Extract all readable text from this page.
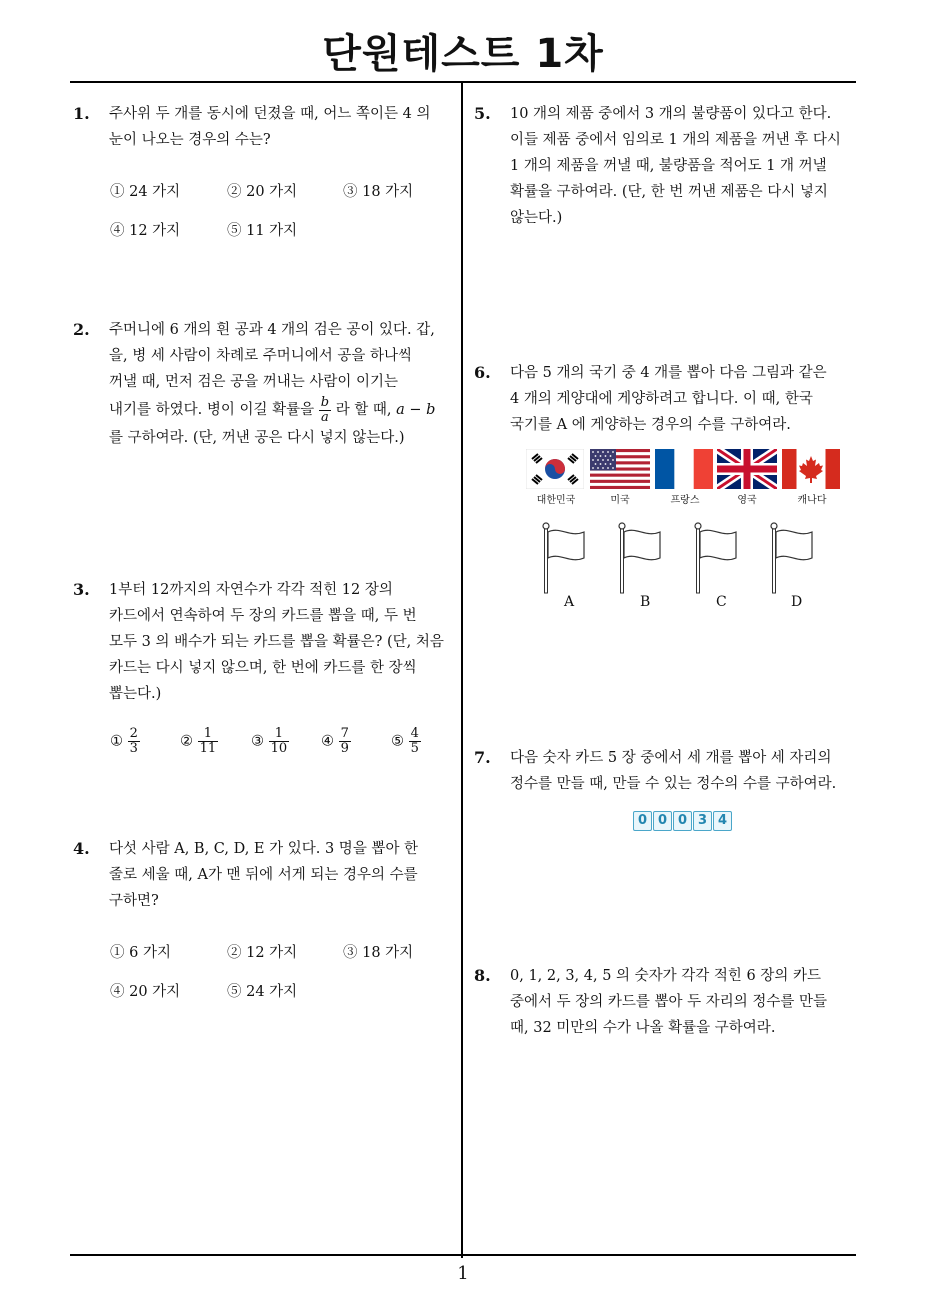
단원테스트 1차
1
1. 주사위 두 개를 동시에 던졌을 때, 어느 쪽이든 4 의

눈이 나오는 경우의 수는?

① 24 가지	② 20 가지	③ 18 가지
④ 12 가지	⑤ 11 가지
2. 주머니에 6 개의 흰 공과 4 개의 검은 공이 있다. 갑,

을, 병 세 사람이 차례로 주머니에서 공을 하나씩

꺼낼 때, 먼저 검은 공을 꺼내는 사람이 이기는

내기를 하였다. 병이 이길 확률을 $\frac{b}{a}$ 라 할 때, a − b

를 구하여라. (단, 꺼낸 공은 다시 넣지 않는다.)

3. 1부터 12까지의 자연수가 각각 적힌 12 장의

카드에서 연속하여 두 장의 카드를 뽑을 때, 두 번

모두 3 의 배수가 되는 카드를 뽑을 확률은? (단, 처음

카드는 다시 넣지 않으며, 한 번에 카드를 한 장씩

뽑는다.)

① $\frac{2}{3}$	② $\frac{1}{11}$ ③ $\frac{1}{10}$ ④ $\frac{7}{9}$	⑤ $\frac{4}{5}$
4. 다섯 사람 A, B, C, D, E 가 있다. 3 명을 뽑아 한

줄로 세울 때, A가 맨 뒤에 서게 되는 경우의 수를

구하면?

① 6 가지	② 12 가지	③ 18 가지
④ 20 가지	⑤ 24 가지
5. 10 개의 제품 중에서 3 개의 불량품이 있다고 한다.

이들 제품 중에서 임의로 1 개의 제품을 꺼낸 후 다시

1 개의 제품을 꺼낼 때, 불량품을 적어도 1 개 꺼낼

확률을 구하여라. (단, 한 번 꺼낸 제품은 다시 넣지

않는다.)

6. 다음 5 개의 국기 중 4 개를 뽑아 다음 그림과 같은

4 개의 게양대에 게양하려고 합니다. 이 때, 한국

국기를 A 에 게양하는 경우의 수를 구하여라.

대한민국	미국	프랑스	영국	캐나다
A	B	C	D
7. 다음 숫자 카드 5 장 중에서 세 개를 뽑아 세 자리의

정수를 만들 때, 만들 수 있는 정수의 수를 구하여라.

0 0 0 3 4
8. 0, 1, 2, 3, 4, 5 의 숫자가 각각 적힌 6 장의 카드

중에서 두 장의 카드를 뽑아 두 자리의 정수를 만들

때, 32 미만의 수가 나올 확률을 구하여라.
